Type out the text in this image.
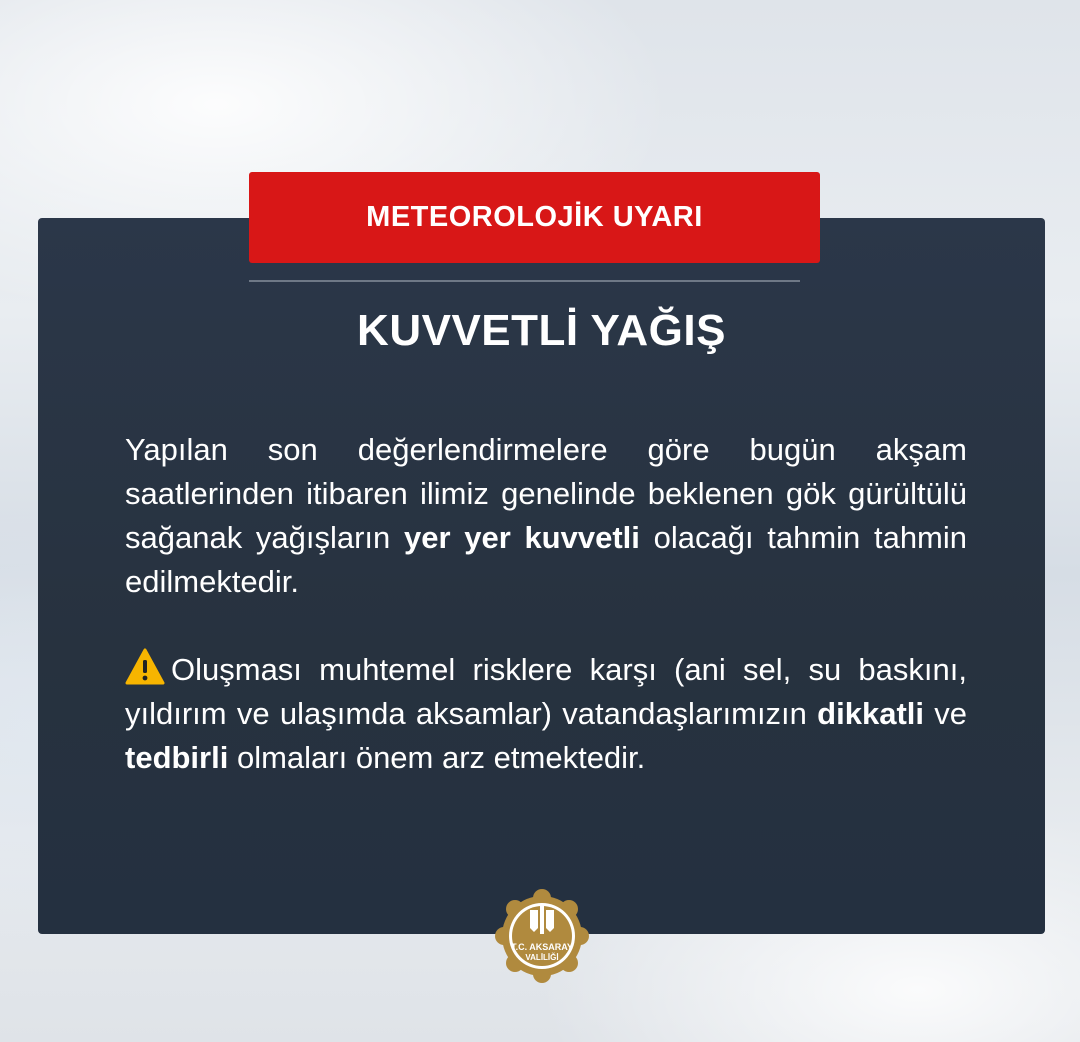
METEOROLOJİK UYARI
KUVVETLİ YAĞIŞ

Yapılan son değerlendirmelere göre bugün akşam saatlerinden itibaren ilimiz genelinde beklenen gök gürültülü sağanak yağışların yer yer kuvvetli olacağı tahmin tahmin edilmektedir.

Oluşması muhtemel risklere karşı (ani sel, su baskını, yıldırım ve ulaşımda aksamlar) vatandaşlarımızın dikkatli ve tedbirli olmaları önem arz etmektedir.

T.C. AKSARAY
VALİLİĞİ
